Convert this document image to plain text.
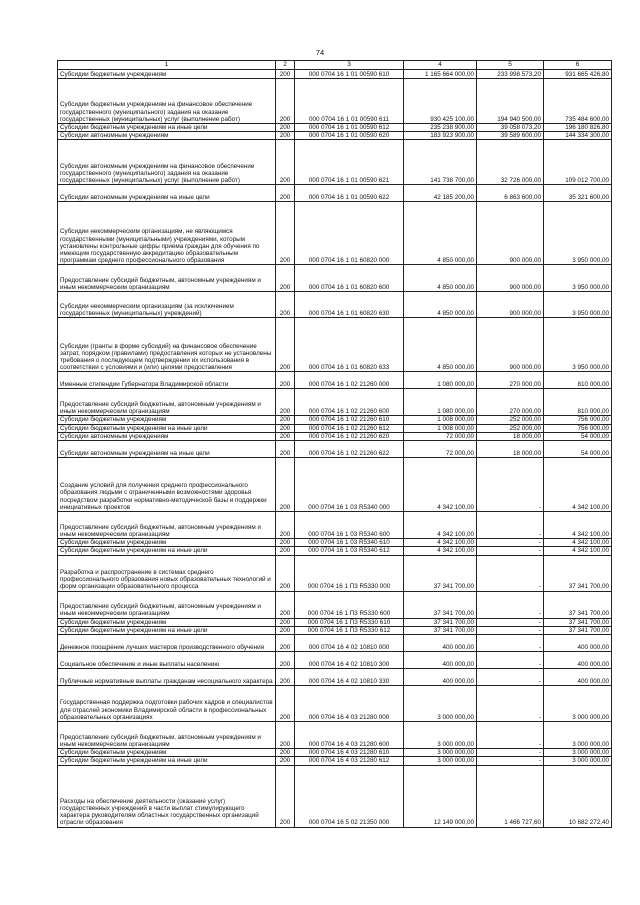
74
1	2	3	4	5	6
Субсидии бюджетным учреждениям	200	000 0704 16 1 01 00590 610	1 165 664 000,00	233 998 573,20	931 665 426,80
Субсидии бюджетным учреждениям на финансовое обеспечение государственного (муниципального) задания на оказание государственных (муниципальных) услуг (выполнение работ)	200	000 0704 16 1 01 00590 611	930 425 100,00	194 940 500,00	735 484 600,00
Субсидии бюджетным учреждениям на иные цели	200	000 0704 16 1 01 00590 612	235 238 900,00	39 058 073,20	196 180 826,80
Субсидии автономным учреждениям	200	000 0704 16 1 01 00590 620	183 923 900,00	39 589 600,00	144 334 300,00
Субсидии автономным учреждениям на финансовое обеспечение государственного (муниципального) задания на оказание государственных (муниципальных) услуг (выполнение работ)	200	000 0704 16 1 01 00590 621	141 738 700,00	32 726 000,00	109 012 700,00
Субсидии автономным учреждениям на иные цели	200	000 0704 16 1 01 00590 622	42 185 200,00	6 863 600,00	35 321 600,00
Субсидии некоммерческим организациям, не являющимся государственными (муниципальными) учреждениями, которым установлены контрольные цифры приема граждан для обучения по имеющим государственную аккредитацию образовательным программам среднего профессионального образования	200	000 0704 16 1 01 60820 000	4 850 000,00	900 000,00	3 950 000,00
Предоставление субсидий бюджетным, автономным учреждениям и иным некоммерческим организациям	200	000 0704 16 1 01 60820 600	4 850 000,00	900 000,00	3 950 000,00
Субсидии некоммерческим организациям (за исключением государственных (муниципальных) учреждений)	200	000 0704 16 1 01 60820 630	4 850 000,00	900 000,00	3 950 000,00
Субсидии (гранты в форме субсидий) на финансовое обеспечение затрат, порядком (правилами) предоставления которых не установлены требования о последующем подтверждении их использования в соответствии с условиями и (или) целями предоставления	200	000 0704 16 1 01 60820 633	4 850 000,00	900 000,00	3 950 000,00
Именные стипендии Губернатора Владимирской области	200	000 0704 16 1 02 21260 000	1 080 000,00	270 000,00	810 000,00
Предоставление субсидий бюджетным, автономным учреждениям и иным некоммерческим организациям	200	000 0704 16 1 02 21260 600	1 080 000,00	270 000,00	810 000,00
Субсидии бюджетным учреждениям	200	000 0704 16 1 02 21260 610	1 008 000,00	252 000,00	756 000,00
Субсидии бюджетным учреждениям на иные цели	200	000 0704 16 1 02 21260 612	1 008 000,00	252 000,00	756 000,00
Субсидии автономным учреждениям	200	000 0704 16 1 02 21260 620	72 000,00	18 000,00	54 000,00
Субсидии автономным учреждениям на иные цели	200	000 0704 16 1 02 21260 622	72 000,00	18 000,00	54 000,00
Создание условий для получения среднего профессионального образования людьми с ограниченными возможностями здоровья посредством разработки нормативно-методической базы и поддержки инициативных проектов	200	000 0704 16 1 03 R5340 000	4 342 100,00	-	4 342 100,00
Предоставление субсидий бюджетным, автономным учреждениям и иным некоммерческим организациям	200	000 0704 16 1 03 R5340 600	4 342 100,00	-	4 342 100,00
Субсидии бюджетным учреждениям	200	000 0704 16 1 03 R5340 610	4 342 100,00	-	4 342 100,00
Субсидии бюджетным учреждениям на иные цели	200	000 0704 16 1 03 R5340 612	4 342 100,00	-	4 342 100,00
Разработка и распространение в системах среднего профессионального образования новых образовательных технологий и форм организации образовательного процесса	200	000 0704 16 1 П3 R5330 000	37 341 700,00	-	37 341 700,00
Предоставление субсидий бюджетным, автономным учреждениям и иным некоммерческим организациям	200	000 0704 16 1 П3 R5330 600	37 341 700,00	-	37 341 700,00
Субсидии бюджетным учреждениям	200	000 0704 16 1 П3 R5330 610	37 341 700,00	-	37 341 700,00
Субсидии бюджетным учреждениям на иные цели	200	000 0704 16 1 П3 R5330 612	37 341 700,00	-	37 341 700,00
Денежное поощрение лучших мастеров производственного обучения	200	000 0704 16 4 02 10810 000	400 000,00	-	400 000,00
Социальное обеспечение и иные выплаты населению	200	000 0704 16 4 02 10810 300	400 000,00	-	400 000,00
Публичные нормативные выплаты гражданам несоциального характера	200	000 0704 16 4 02 10810 330	400 000,00	-	400 000,00
Государственная поддержка подготовки рабочих кадров и специалистов для отраслей экономики Владимирской области в профессиональных образовательных организациях	200	000 0704 16 4 03 21280 000	3 000 000,00	-	3 000 000,00
Предоставление субсидий бюджетным, автономным учреждениям и иным некоммерческим организациям	200	000 0704 16 4 03 21280 600	3 000 000,00	-	3 000 000,00
Субсидии бюджетным учреждениям	200	000 0704 16 4 03 21280 610	3 000 000,00	-	3 000 000,00
Субсидии бюджетным учреждениям на иные цели	200	000 0704 16 4 03 21280 612	3 000 000,00	-	3 000 000,00
Расходы на обеспечение деятельности (оказание услуг) государственных учреждений в части выплат стимулирующего характера руководителям областных государственных организаций отрасли образования	200	000 0704 16 5 02 21350 000	12 149 000,00	1 466 727,60	10 682 272,40
